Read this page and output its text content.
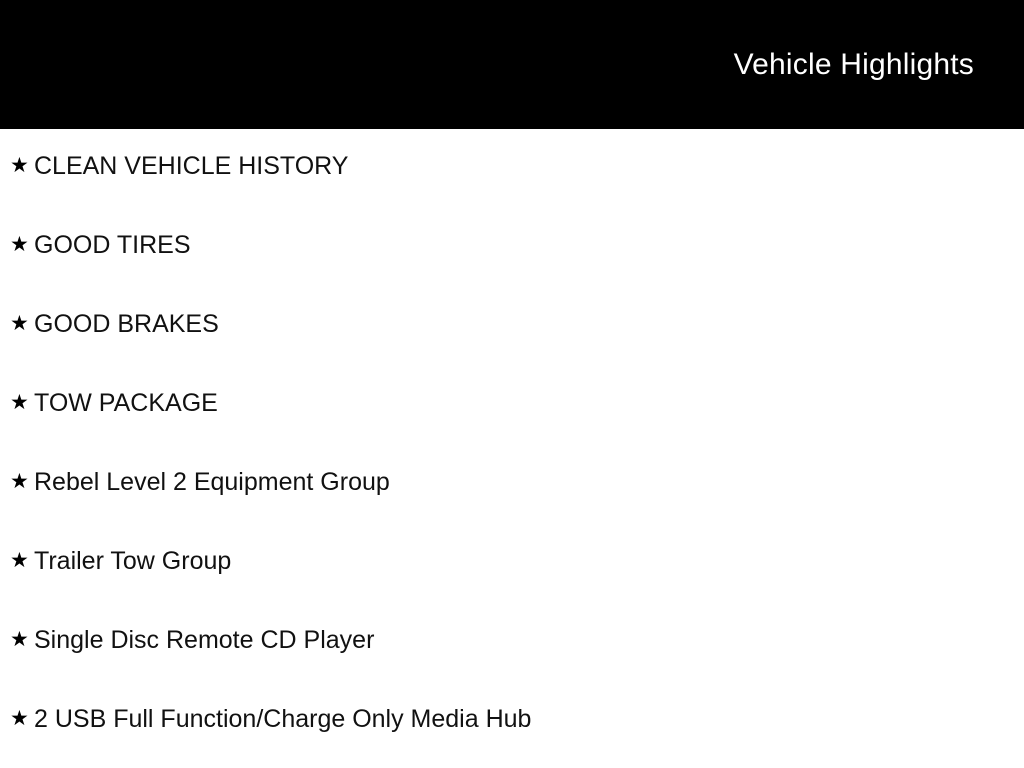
Vehicle Highlights
★ CLEAN VEHICLE HISTORY
★ GOOD TIRES
★ GOOD BRAKES
★ TOW PACKAGE
★ Rebel Level 2 Equipment Group
★ Trailer Tow Group
★ Single Disc Remote CD Player
★ 2 USB Full Function/Charge Only Media Hub
